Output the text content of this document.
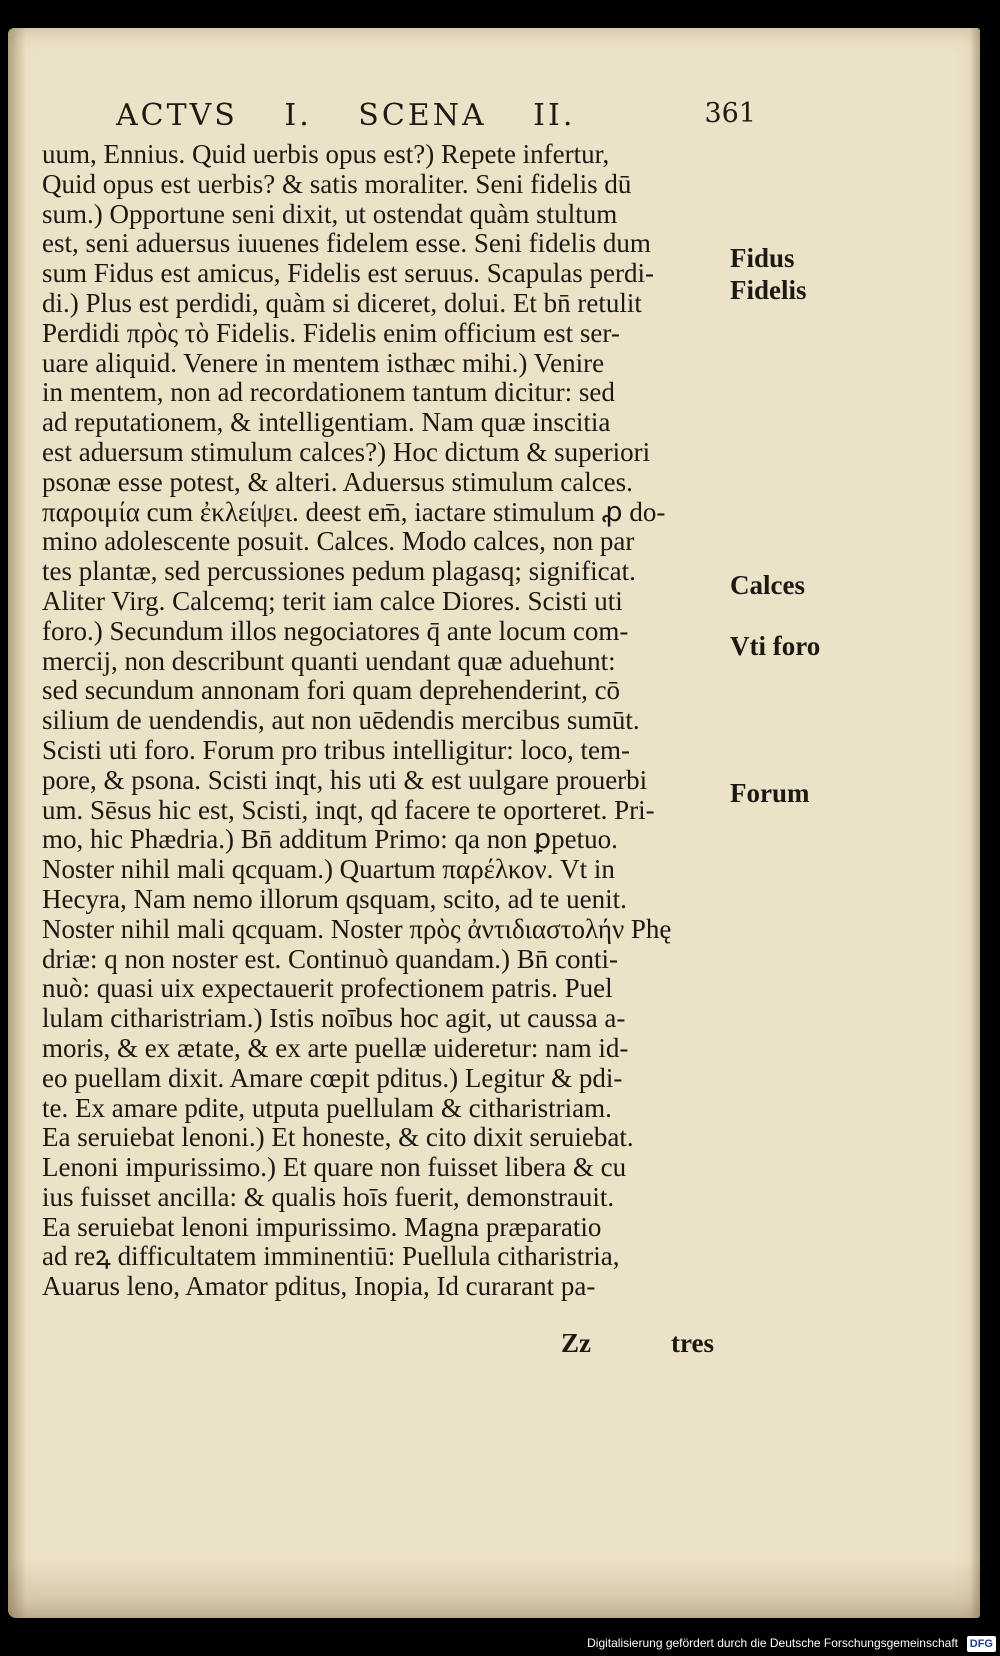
ACTVS I. SCENA II.	361
uum, Ennius. Quid uerbis opus est?) Repete infertur,
Quid opus est uerbis? & satis moraliter. Seni fidelis dū
sum.) Opportune seni dixit, ut ostendat quàm stultum
est, seni aduersus iuuenes fidelem esse. Seni fidelis dum
sum Fidus est amicus, Fidelis est seruus. Scapulas perdi-
di.) Plus est perdidi, quàm si diceret, dolui. Et bn̄ retulit
Perdidi πρὸς τὸ Fidelis. Fidelis enim officium est ser-
uare aliquid. Venere in mentem isthæc mihi.) Venire
in mentem, non ad recordationem tantum dicitur: sed
ad reputationem, & intelligentiam. Nam quæ inscitia
est aduersum stimulum calces?) Hoc dictum & superiori
psonæ esse potest, & alteri. Aduersus stimulum calces.
παροιμία cum ἐκλείψει. deest em̄, iactare stimulum ꝓ do-
mino adolescente posuit. Calces. Modo calces, non par
tes plantæ, sed percussiones pedum plagasq; significat.
Aliter Virg. Calcemq; terit iam calce Diores. Scisti uti
foro.) Secundum illos negociatores q̄ ante locum com-
mercij, non describunt quanti uendant quæ aduehunt:
sed secundum annonam fori quam deprehenderint, cō
silium de uendendis, aut non uēdendis mercibus sumūt.
Scisti uti foro. Forum pro tribus intelligitur: loco, tem-
pore, & psona. Scisti inqt, his uti & est uulgare prouerbi
um. Sēsus hic est, Scisti, inqt, qd facere te oporteret. Pri-
mo, hic Phædria.) Bn̄ additum Primo: qa non ꝑpetuo.
Noster nihil mali qcquam.) Quartum παρέλκον. Vt in
Hecyra, Nam nemo illorum qsquam, scito, ad te uenit.
Noster nihil mali qcquam. Noster πρὸς ἀντιδιαστολήν Phę
driæ: q non noster est. Continuò quandam.) Bn̄ conti-
nuò: quasi uix expectauerit profectionem patris. Puel
lulam citharistriam.) Istis noībus hoc agit, ut caussa a-
moris, & ex ætate, & ex arte puellæ uideretur: nam id-
eo puellam dixit. Amare cœpit pditus.) Legitur & pdi-
te. Ex amare pdite, utputa puellulam & citharistriam.
Ea seruiebat lenoni.) Et honeste, & cito dixit seruiebat.
Lenoni impurissimo.) Et quare non fuisset libera & cu
ius fuisset ancilla: & qualis hoīs fuerit, demonstrauit.
Ea seruiebat lenoni impurissimo. Magna præparatio
ad reꝝ difficultatem imminentiū: Puellula citharistria,
Auarus leno, Amator pditus, Inopia, Id curarant pa-
Fidus
Fidelis
Calces
Vti foro
Forum
Zz	tres
Digitalisierung gefördert durch die Deutsche Forschungsgemeinschaft DFG
